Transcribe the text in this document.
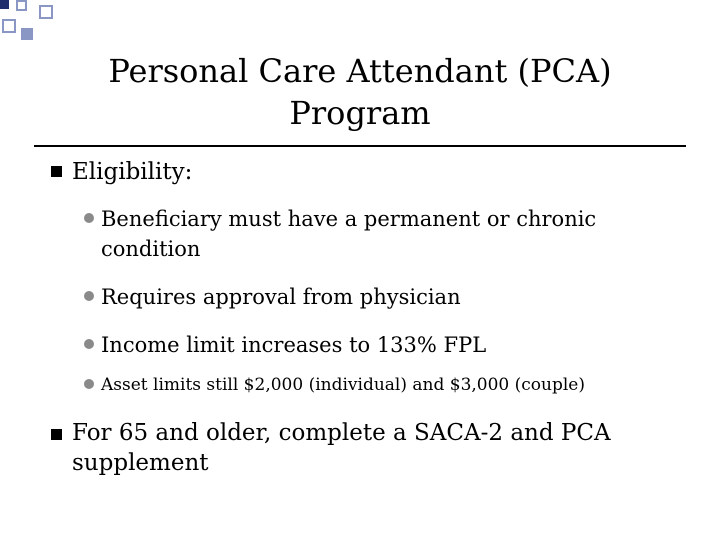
Personal Care Attendant (PCA) Program
Eligibility:
Beneficiary must have a permanent or chronic condition
Requires approval from physician
Income limit increases to 133% FPL
Asset limits still $2,000 (individual) and $3,000 (couple)
For 65 and older, complete a SACA-2 and PCA supplement
